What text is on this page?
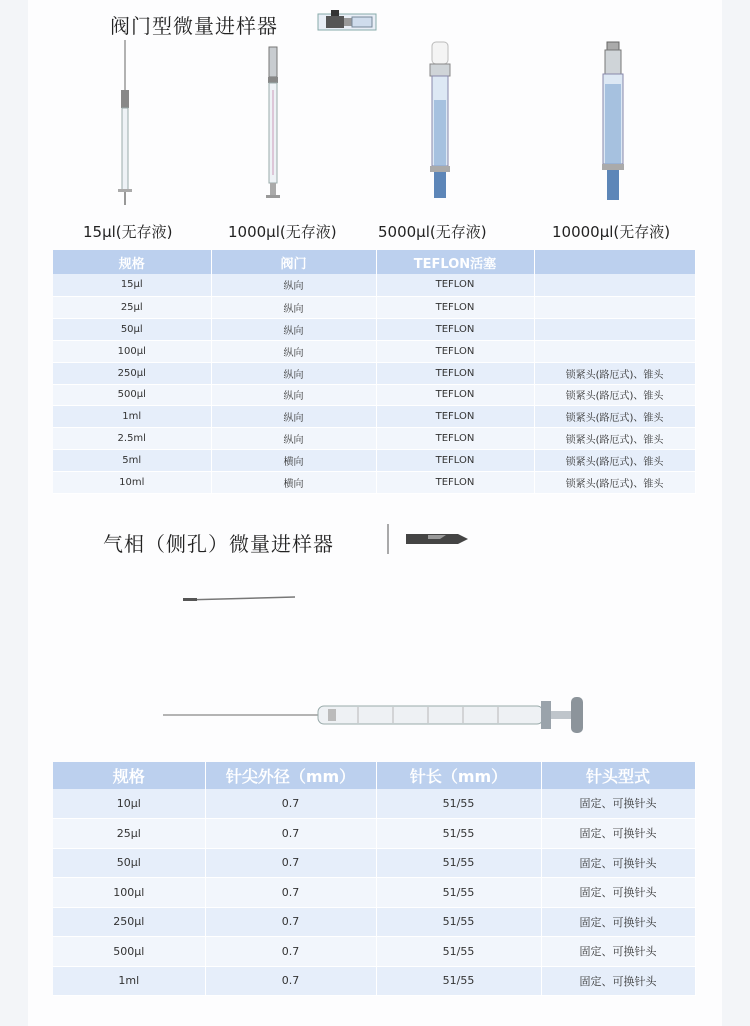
阀门型微量进样器
15µl(无存液)	1000µl(无存液)	5000µl(无存液)	10000µl(无存液)
规格	阀门	TEFLON活塞	
15µl	纵向	TEFLON	
25µl	纵向	TEFLON	
50µl	纵向	TEFLON	
100µl	纵向	TEFLON	
250µl	纵向	TEFLON	锁紧头(路厄式)、锥头
500µl	纵向	TEFLON	锁紧头(路厄式)、锥头
1ml	纵向	TEFLON	锁紧头(路厄式)、锥头
2.5ml	纵向	TEFLON	锁紧头(路厄式)、锥头
5ml	横向	TEFLON	锁紧头(路厄式)、锥头
10ml	横向	TEFLON	锁紧头(路厄式)、锥头
气相（侧孔）微量进样器
规格	针尖外径（mm）	针长（mm）	针头型式
10µl	0.7	51/55	固定、可换针头
25µl	0.7	51/55	固定、可换针头
50µl	0.7	51/55	固定、可换针头
100µl	0.7	51/55	固定、可换针头
250µl	0.7	51/55	固定、可换针头
500µl	0.7	51/55	固定、可换针头
1ml	0.7	51/55	固定、可换针头
